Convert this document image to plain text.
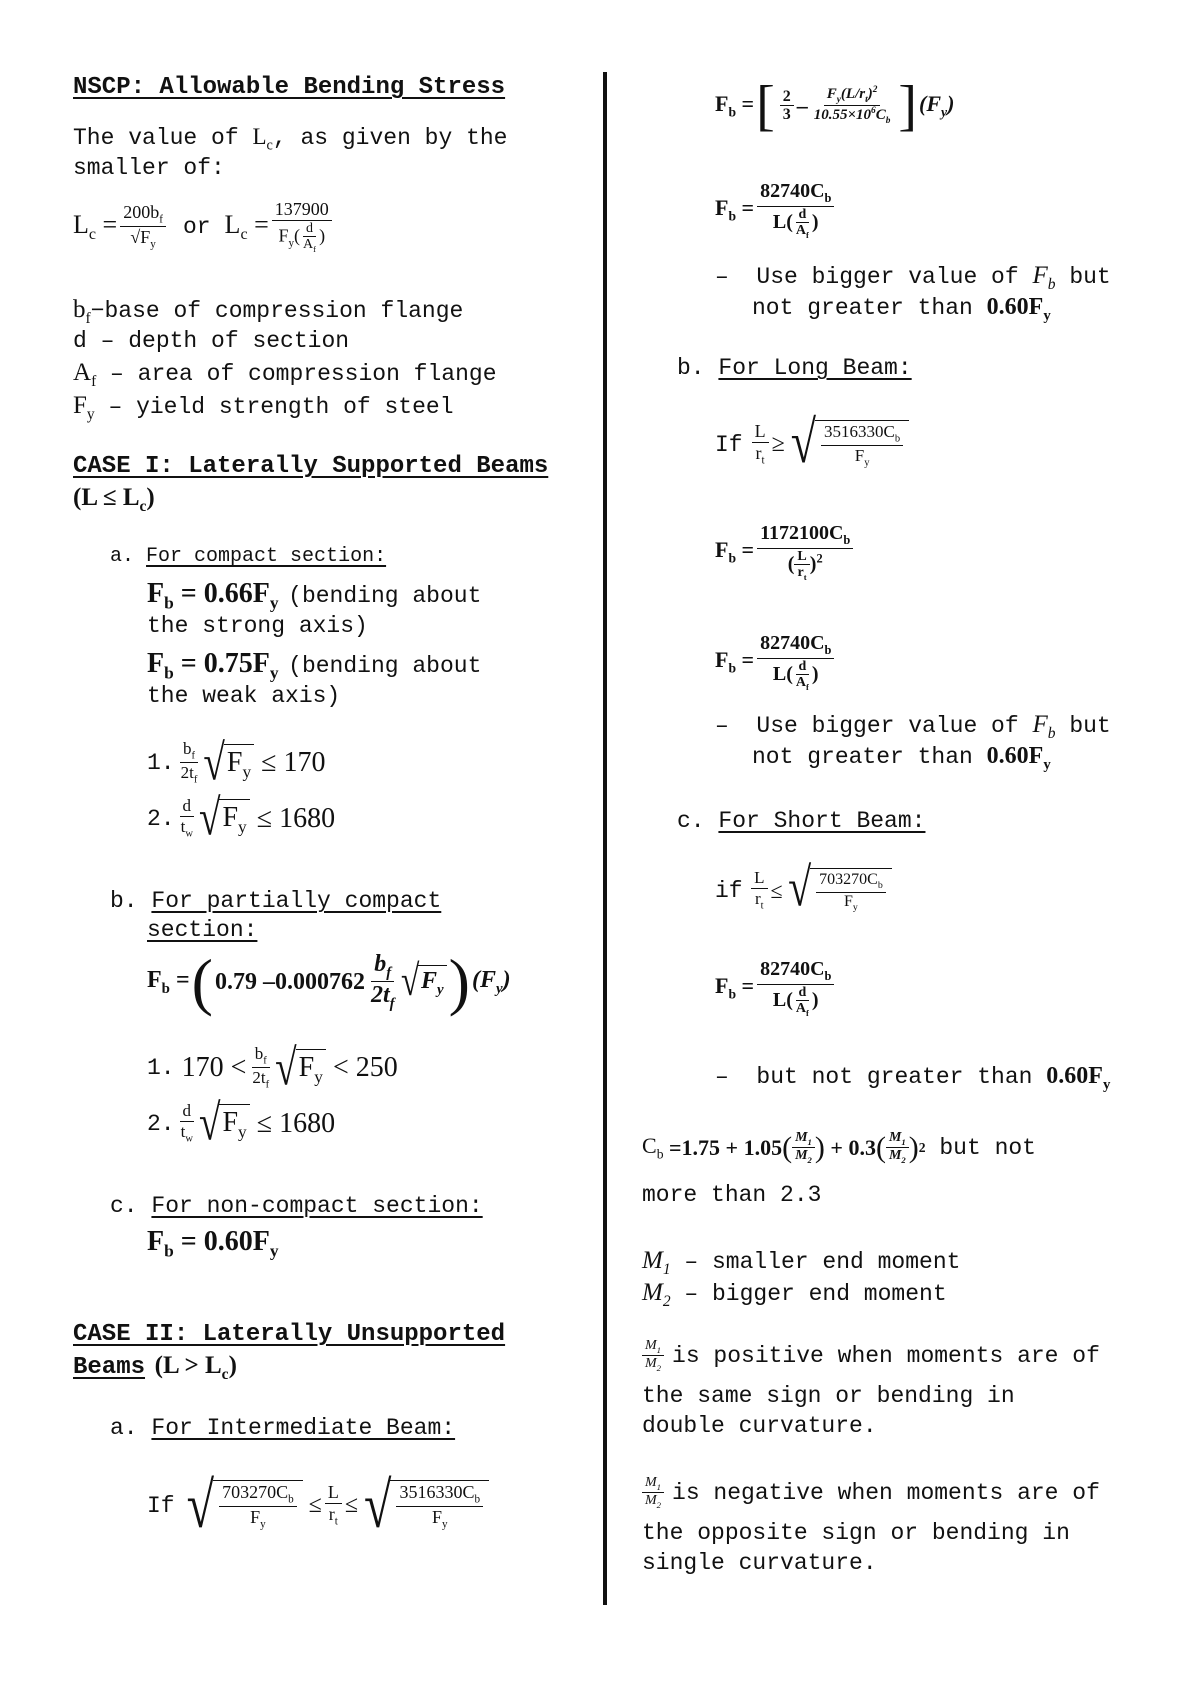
NSCP: Allowable Bending Stress
The value of $L_c$, as given by the
smaller of:
$L_c = \frac{200b_f}{√F_y}$ or $L_c$ =
137900
$F_y( \frac{d}{A_f}$ )
$b_f-base$ of compression flange
d – depth of section
$A_f$ – area of compression flange
$F_y$ – yield strength of steel
CASE I: Laterally Supported Beams
$(L \le L_c)$
a. For compact section:
$F_b = 0.66F_y$ (bending about
the strong axis)
$F_b = 0.75F_y$ (bending about
the weak axis)
1.
$b_f$
$2t_f$ √ $F_y \le 170$
2.
d
$t_w$ √ $F_y \le 1680$
b. For partially compact
section:
$F_b$ = ( 0.79 – 0.000762
$b_f$
$2t_f$ √ $F_y$ ) $(F_y)$
1. $170 < b_f$
$2t_f$ √ $F_y < 250$
2.
d
$t_w$ √ $F_y \le 1680$
c. For non-compact section:
$F_b = 0.60F_y$
CASE II: Laterally Unsupported
Beams $(L > L_c)$
a. For Intermediate Beam:
If
√ $\frac{703270C_b}{F_y} \le \frac{L}{r_t}$ ≤ √ $\frac{3516330C_b}{F_y}$
$F_b$ = [ 2
$3 - F_y(L/r_t)^2$
$10.55\times 10^6C_b$ ] $(F_y)$
$F_b$ =
$82740C_b$
$L( \frac{d}{A_f}$ )
– Use bigger value of $F_b$ but
not greater than $0.60F_y$
b. For Long Beam:
If
$\frac{L}{r_t}$ ≥ √ $\frac{3516330C_b}{F_y}$
$F_b$ =
$1172100C_b$
( $\frac{L}{r_t} )^2$
$F_b$ =
$82740C_b$
$L( \frac{d}{A_f}$ )
– Use bigger value of $F_b$ but
not greater than $0.60F_y$
c. For Short Beam:
if
$\frac{L}{r_t}$ ≤ √ $\frac{703270C_b}{F_y}$
$F_b$ =
$82740C_b$
$L( \frac{d}{A_f}$ )
– but not greater than $0.60F_y$
$C_b = 1.75 + 1.05$ ( $M_1$
$M_2$ ) + 0.3 ( $M_1$
$M_2$ ) 2 but not
more than 2.3
$M_1$ – smaller end moment
$M_2$ – bigger end moment
$M_1$
$M_2$ is positive when moments are of
the same sign or bending in
double curvature.
$M_1$
$M_2$ is negative when moments are of
the opposite sign or bending in
single curvature.
